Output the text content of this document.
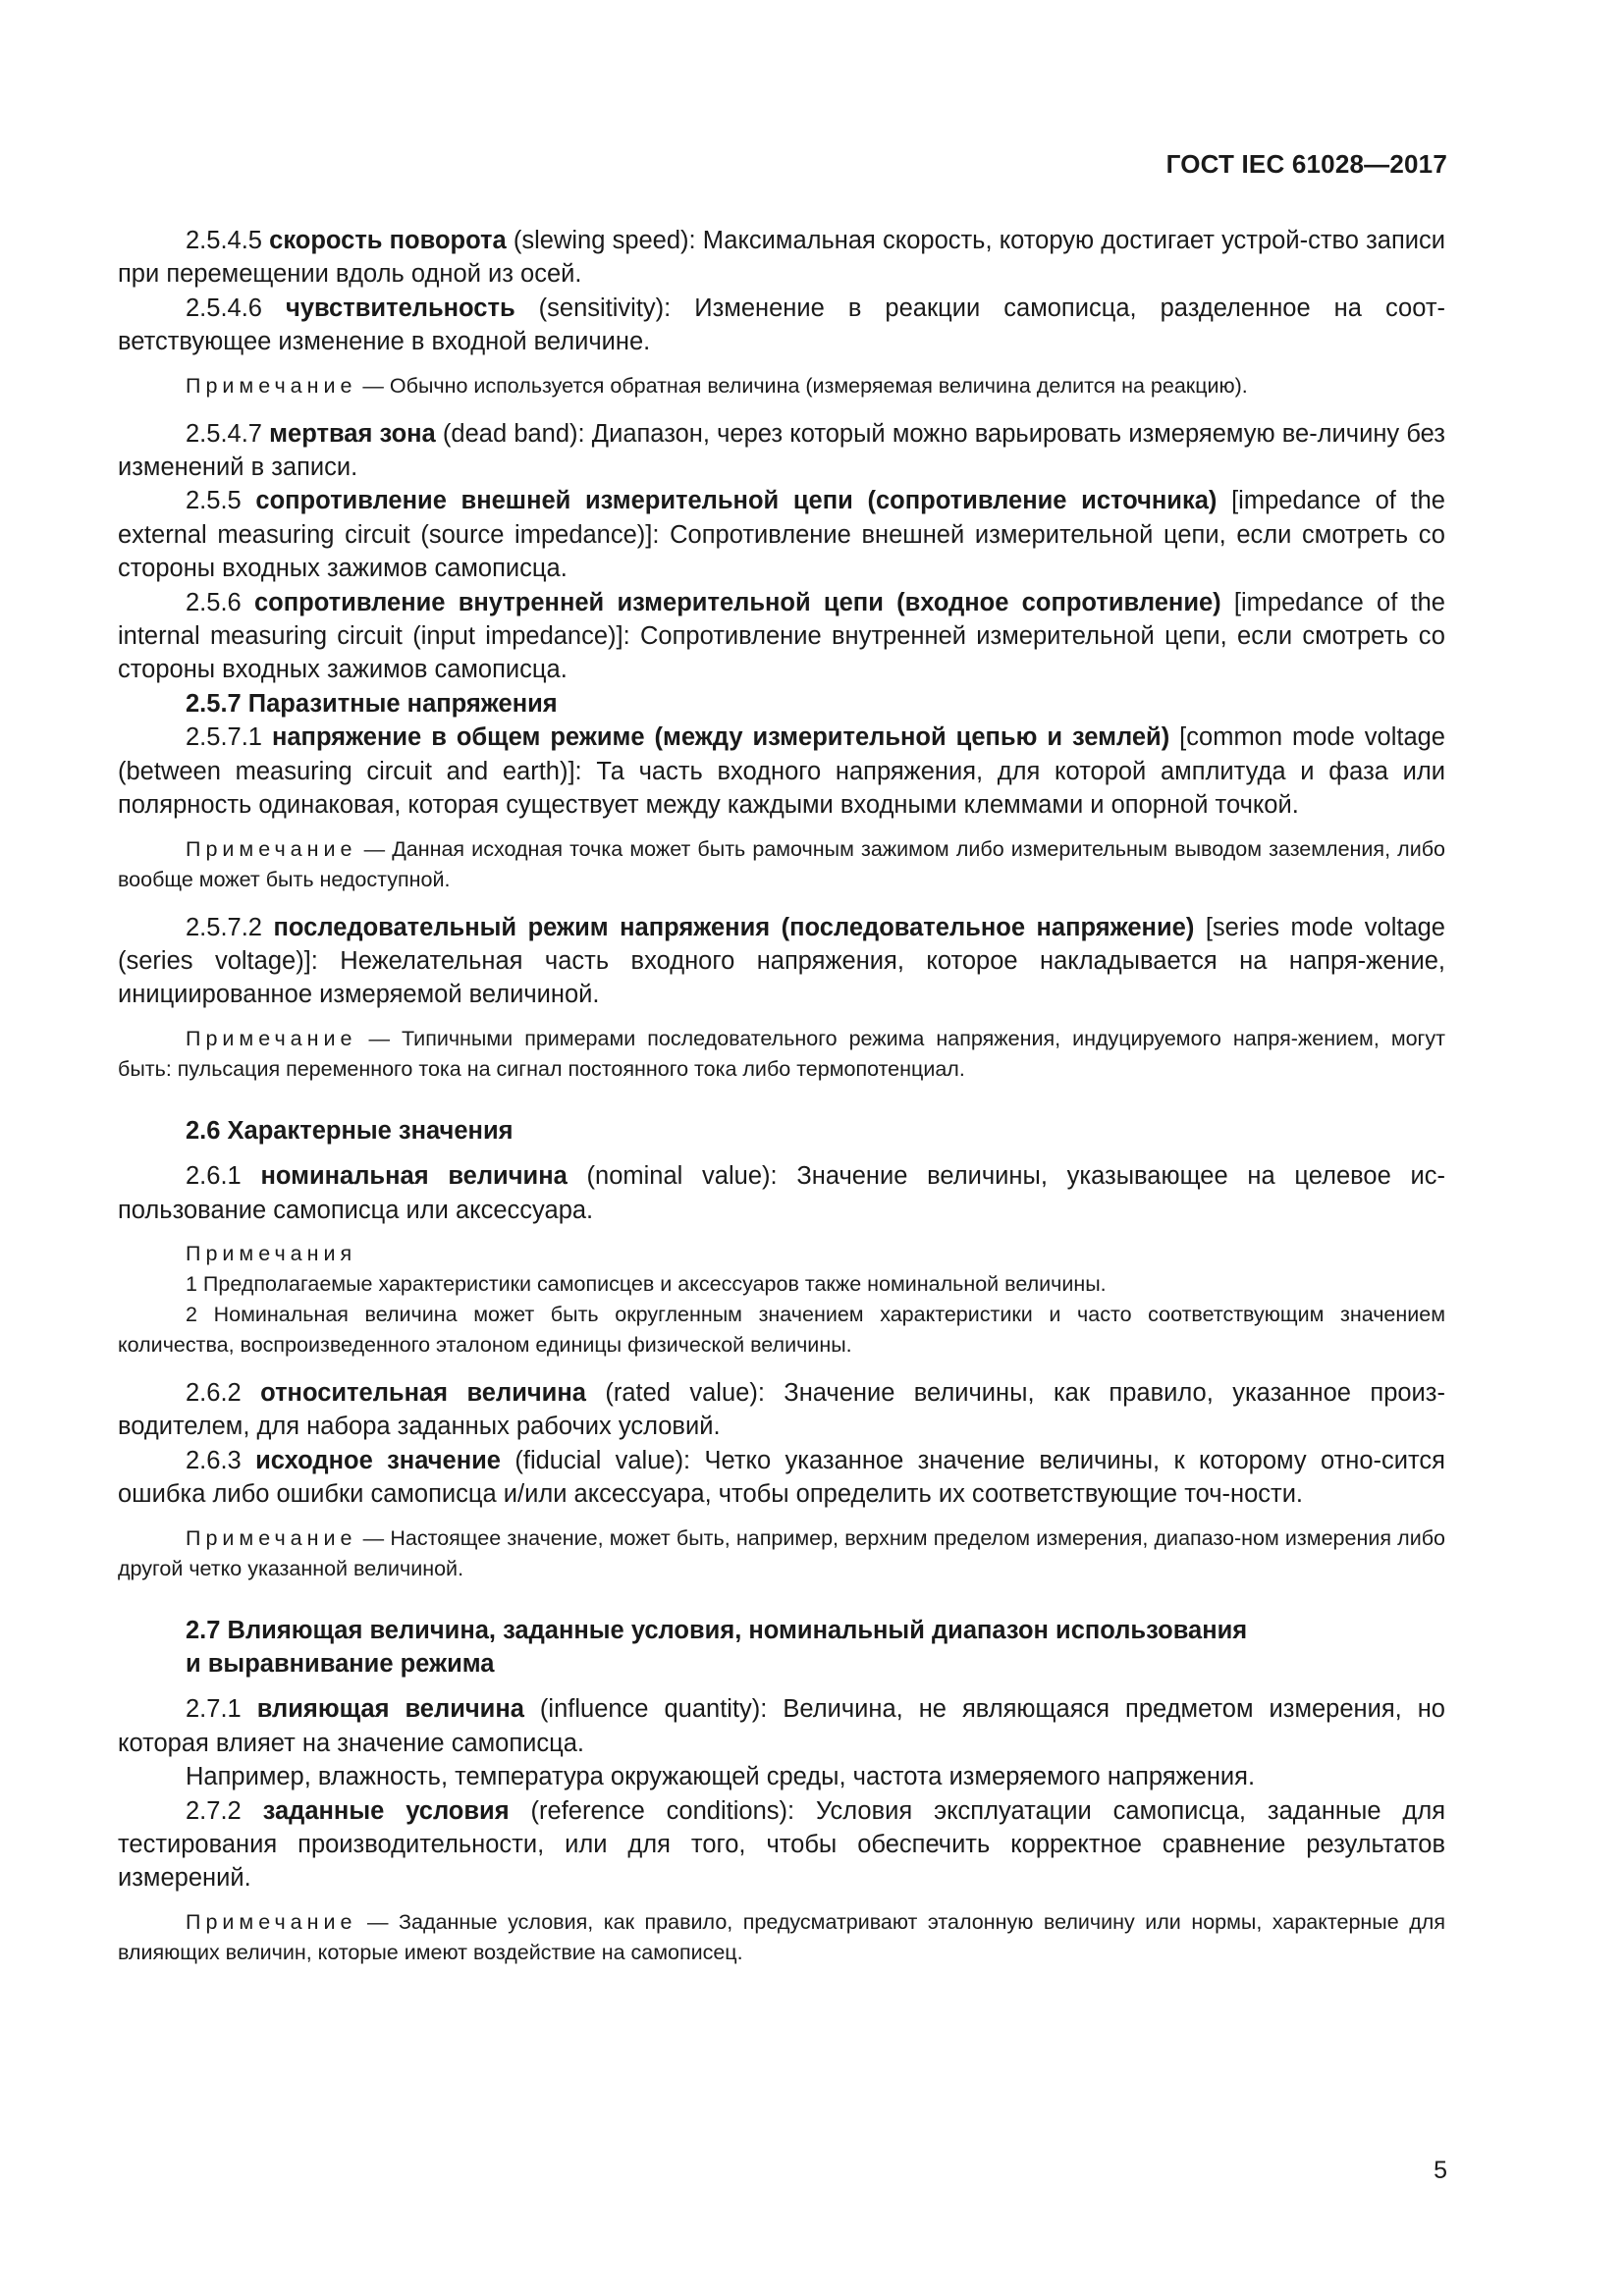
ГОСТ IEC 61028—2017

2.5.4.5 скорость поворота (slewing speed): Максимальная скорость, которую достигает устрой-ство записи при перемещении вдоль одной из осей.

2.5.4.6 чувствительность (sensitivity): Изменение в реакции самописца, разделенное на соот-ветствующее изменение в входной величине.

Примечание — Обычно используется обратная величина (измеряемая величина делится на реакцию).

2.5.4.7 мертвая зона (dead band): Диапазон, через который можно варьировать измеряемую ве-личину без изменений в записи.

2.5.5 сопротивление внешней измерительной цепи (сопротивление источника) [impedance of the external measuring circuit (source impedance)]: Сопротивление внешней измерительной цепи, если смотреть со стороны входных зажимов самописца.

2.5.6 сопротивление внутренней измерительной цепи (входное сопротивление) [impedance of the internal measuring circuit (input impedance)]: Сопротивление внутренней измерительной цепи, если смотреть со стороны входных зажимов самописца.

2.5.7 Паразитные напряжения

2.5.7.1 напряжение в общем режиме (между измерительной цепью и землей) [common mode voltage (between measuring circuit and earth)]: Та часть входного напряжения, для которой амплитуда и фаза или полярность одинаковая, которая существует между каждыми входными клеммами и опорной точкой.

Примечание — Данная исходная точка может быть рамочным зажимом либо измерительным выводом заземления, либо вообще может быть недоступной.

2.5.7.2 последовательный режим напряжения (последовательное напряжение) [series mode voltage (series voltage)]: Нежелательная часть входного напряжения, которое накладывается на напря-жение, инициированное измеряемой величиной.

Примечание — Типичными примерами последовательного режима напряжения, индуцируемого напря-жением, могут быть: пульсация переменного тока на сигнал постоянного тока либо термопотенциал.

2.6 Характерные значения

2.6.1 номинальная величина (nominal value): Значение величины, указывающее на целевое ис-пользование самописца или аксессуара.

Примечания

1 Предполагаемые характеристики самописцев и аксессуаров также номинальной величины.

2 Номинальная величина может быть округленным значением характеристики и часто соответствующим значением количества, воспроизведенного эталоном единицы физической величины.

2.6.2 относительная величина (rated value): Значение величины, как правило, указанное произ-водителем, для набора заданных рабочих условий.

2.6.3 исходное значение (fiducial value): Четко указанное значение величины, к которому отно-сится ошибка либо ошибки самописца и/или аксессуара, чтобы определить их соответствующие точ-ности.

Примечание — Настоящее значение, может быть, например, верхним пределом измерения, диапазо-ном измерения либо другой четко указанной величиной.

2.7 Влияющая величина, заданные условия, номинальный диапазон использования

и выравнивание режима

2.7.1 влияющая величина (influence quantity): Величина, не являющаяся предметом измерения, но которая влияет на значение самописца.

Например, влажность, температура окружающей среды, частота измеряемого напряжения.

2.7.2 заданные условия (reference conditions): Условия эксплуатации самописца, заданные для тестирования производительности, или для того, чтобы обеспечить корректное сравнение результатов измерений.

Примечание — Заданные условия, как правило, предусматривают эталонную величину или нормы, характерные для влияющих величин, которые имеют воздействие на самописец.

5
